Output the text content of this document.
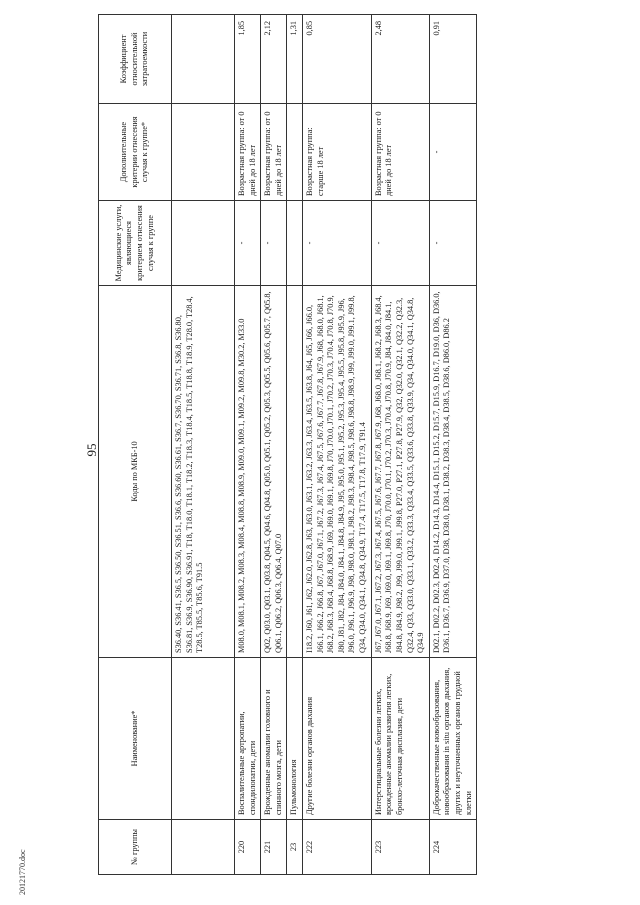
20121770.doc
95
№ группы	Наименование*	Коды по МКБ-10	Медицинские услуги, являющиеся критерием отнесения случая к группе	Дополнительные критерии отнесения случая к группе*	Коэффициент относительной затратоемкости
		S36.40, S36.41, S36.5, S36.50, S36.51, S36.6, S36.60, S36.61, S36.7, S36.70, S36.71, S36.8, S36.80, S36.81, S36.9, S36.90, S36.91, T18, T18.0, T18.1, T18.2, T18.3, T18.4, T18.5, T18.8, T18.9, T28.0, T28.4, T28.5, T85.5, T85.6, T91.5			
220	Воспалительные артропатии, спондилопатии, дети	M08.0, M08.1, M08.2, M08.3, M08.4, M08.8, M08.9, M09.0, M09.1, M09.2, M09.8, M30.2, M33.0	-	Возрастная группа: от 0 дней до 18 лет	1,85
221	Врожденные аномалии головного и спинного мозга, дети	Q02, Q03.0, Q03.1, Q03.8, Q04.5, Q04.6, Q04.8, Q05.0, Q05.1, Q05.2, Q05.3, Q05.5, Q05.6, Q05.7, Q05.8, Q06.1, Q06.2, Q06.3, Q06.4, Q07.0	-	Возрастная группа: от 0 дней до 18 лет	2,12
23	Пульмонология				1,31
222	Другие болезни органов дыхания	I18.2, J60, J61, J62, J62.0, J62.8, J63, J63.0, J63.1, J63.2, J63.3, J63.4, J63.5, J63.8, J64, J65, J66, J66.0, J66.1, J66.2, J66.8, J67, J67.0, J67.1, J67.2, J67.3, J67.4, J67.5, J67.6, J67.7, J67.8, J67.9, J68, J68.0, J68.1, J68.2, J68.3, J68.4, J68.8, J68.9, J69, J69.0, J69.1, J69.8, J70, J70.0, J70.1, J70.2, J70.3, J70.4, J70.8, J70.9, J80, J81, J82, J84, J84.0, J84.1, J84.8, J84.9, J95, J95.0, J95.1, J95.2, J95.3, J95.4, J95.5, J95.8, J95.9, J96, J96.0, J96.1, J96.9, J98, J98.0, J98.1, J98.2, J98.3, J98.4, J98.5, J98.6, J98.8, J98.9, J99, J99.0, J99.1, J99.8, Q34, Q34.0, Q34.1, Q34.8, Q34.9, T17.4, T17.5, T17.8, T17.9, T91.4	-	Возрастная группа: старше 18 лет	0,85
223	Интерстициальные болезни легких, врожденные аномалии развития легких, бронхо-легочная дисплазия, дети	J67, J67.0, J67.1, J67.2, J67.3, J67.4, J67.5, J67.6, J67.7, J67.8, J67.9, J68, J68.0, J68.1, J68.2, J68.3, J68.4, J68.8, J68.9, J69, J69.0, J69.1, J69.8, J70, J70.0, J70.1, J70.2, J70.3, J70.4, J70.8, J70.9, J84, J84.0, J84.1, J84.8, J84.9, J98.2, J99, J99.0, J99.1, J99.8, P27.0, P27.1, P27.8, P27.9, Q32, Q32.0, Q32.1, Q32.2, Q32.3, Q32.4, Q33, Q33.0, Q33.1, Q33.2, Q33.3, Q33.4, Q33.5, Q33.6, Q33.8, Q33.9, Q34, Q34.0, Q34.1, Q34.8, Q34.9	-	Возрастная группа: от 0 дней до 18 лет	2,48
224	Доброкачественные новообразования, новообразования in situ органов дыхания, других и неуточненных органов грудной клетки	D02.1, D02.2, D02.3, D02.4, D14.2, D14.3, D14.4, D15.1, D15.2, D15.7, D15.9, D16.7, D19.0, D36, D36.0, D36.1, D36.7, D36.9, D37.0, D38, D38.0, D38.1, D38.2, D38.3, D38.4, D38.5, D38.6, D86.0, D86.2	-	-	0,91
